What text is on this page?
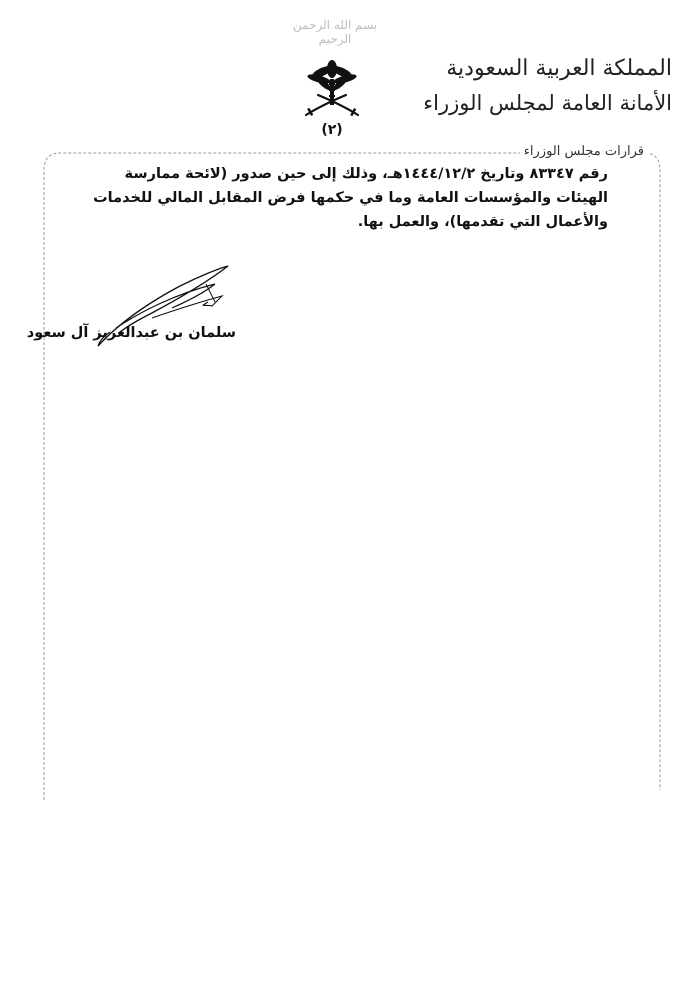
بسم الله الرحمن الرحيم
(٢)
المملكة العربية السعودية
الأمانة العامة لمجلس الوزراء
قرارات مجلس الوزراء
رقم ٨٣٣٤٧ وتاريخ ١٤٤٤/١٢/٢هـ، وذلك إلى حين صدور (لائحة ممارسة
الهيئات والمؤسسات العامة وما في حكمها فرض المقابل المالي للخدمات
والأعمال التي تقدمها)، والعمل بها.
سلمان بن عبدالعزيز آل سعود
